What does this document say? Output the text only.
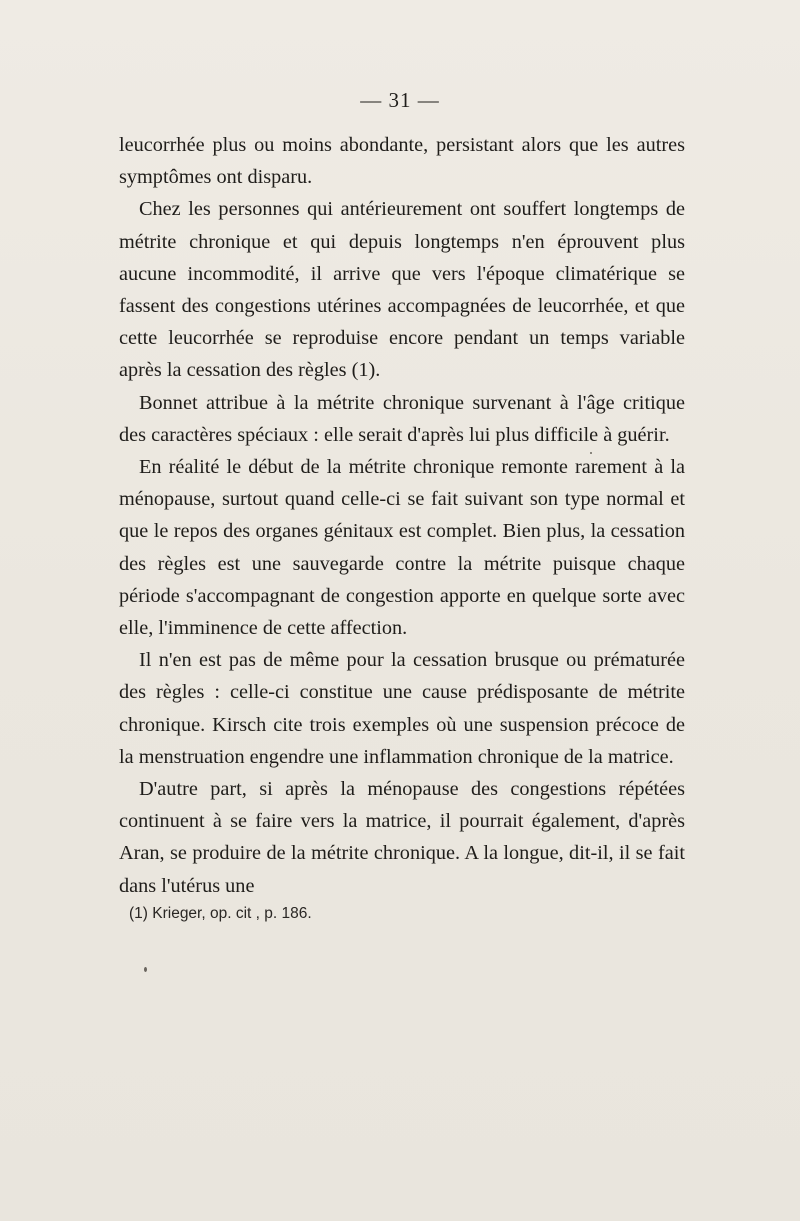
— 31 —

leucorrhée plus ou moins abondante, persistant alors que les autres symptômes ont disparu.

Chez les personnes qui antérieurement ont souffert longtemps de métrite chronique et qui depuis longtemps n'en éprouvent plus aucune incommodité, il arrive que vers l'époque climatérique se fassent des congestions utérines accompagnées de leucorrhée, et que cette leucorrhée se reproduise encore pendant un temps variable après la cessation des règles (1).

Bonnet attribue à la métrite chronique survenant à l'âge critique des caractères spéciaux : elle serait d'après lui plus difficile à guérir.

En réalité le début de la métrite chronique remonte rarement à la ménopause, surtout quand celle-ci se fait suivant son type normal et que le repos des organes génitaux est complet. Bien plus, la cessation des règles est une sauvegarde contre la métrite puisque chaque période s'accompagnant de congestion apporte en quelque sorte avec elle, l'imminence de cette affection.

Il n'en est pas de même pour la cessation brusque ou prématurée des règles : celle-ci constitue une cause prédisposante de métrite chronique. Kirsch cite trois exemples où une suspension précoce de la menstruation engendre une inflammation chronique de la matrice.

D'autre part, si après la ménopause des congestions répétées continuent à se faire vers la matrice, il pourrait également, d'après Aran, se produire de la métrite chronique. A la longue, dit-il, il se fait dans l'utérus une

(1) Krieger, op. cit , p. 186.
